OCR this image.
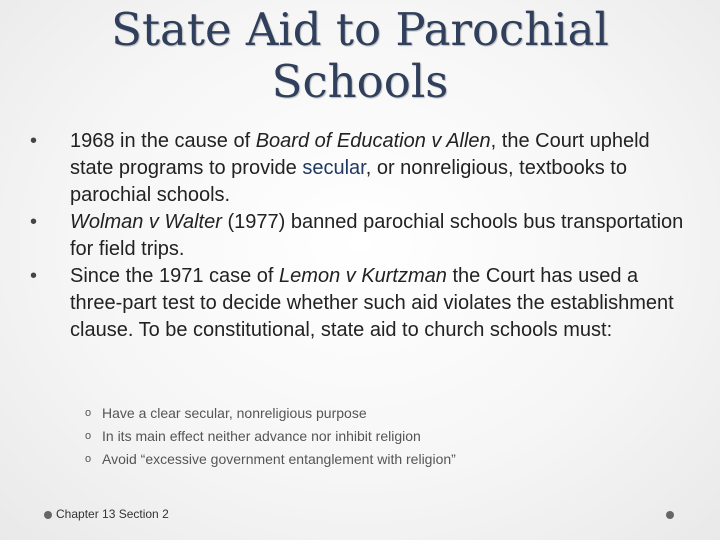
State Aid to Parochial
Schools
• 1968 in the cause of Board of Education v Allen, the Court upheld state programs to provide secular, or nonreligious, textbooks to parochial schools.
• Wolman v Walter (1977) banned parochial schools bus transportation for field trips.
• Since the 1971 case of Lemon v Kurtzman the Court has used a three-part test to decide whether such aid violates the establishment clause. To be constitutional, state aid to church schools must:
o Have a clear secular, nonreligious purpose
o In its main effect neither advance nor inhibit religion
o Avoid “excessive government entanglement with religion”
Chapter 13 Section 2
